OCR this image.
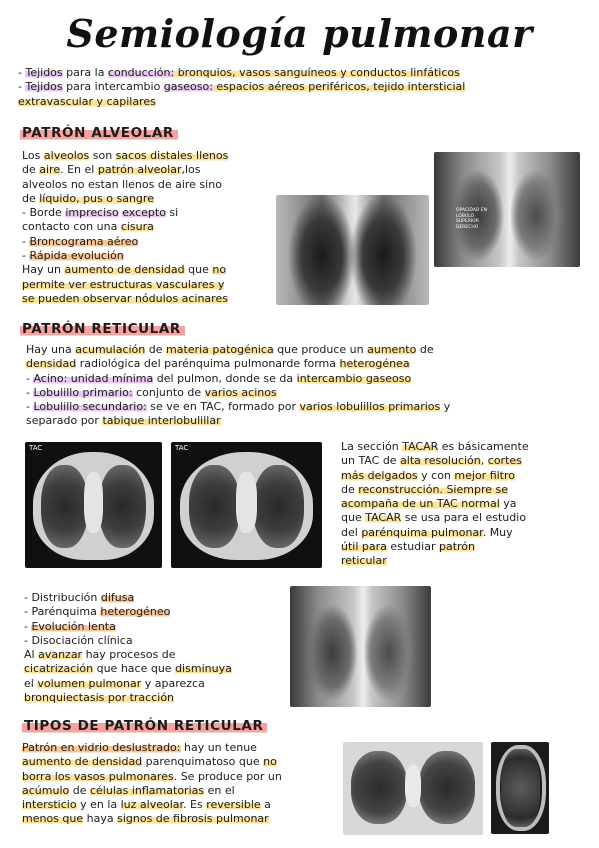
Semiología pulmonar
- Tejidos para la conducción: bronquios, vasos sanguíneos y conductos linfáticos
- Tejidos para intercambio gaseoso: espacios aéreos periféricos, tejido intersticial
extravascular y capilares
PATRÓN ALVEOLAR
Los alveolos son sacos distales llenos
de aire. En el patrón alveolar,los
alveolos no estan llenos de aire sino
de líquido, pus o sangre
- Borde impreciso excepto si
contacto con una cisura
- Broncograma aéreo
- Rápida evolución
Hay un aumento de densidad que no
permite ver estructuras vasculares y
se pueden observar nódulos acinares
OPACIDAD EN LÓBULO SUPERIOR DERECHO
PATRÓN RETICULAR
Hay una acumulación de materia patogénica que produce un aumento de
densidad radiológica del parénquima pulmonarde forma heterogénea
- Acino: unidad mínima del pulmon, donde se da intercambio gaseoso
- Lobulillo primario: conjunto de varios acinos
- Lobulillo secundario: se ve en TAC, formado por varios lobulillos primarios y
separado por tabique interlobulillar
TAC	TAC	La sección TACAR es básicamente
un TAC de alta resolución, cortes
más delgados y con mejor filtro
de reconstrucción. Siempre se
acompaña de un TAC normal ya
que TACAR se usa para el estudio
del parénquima pulmonar. Muy
útil para estudiar patrón
reticular
- Distribución difusa
- Parénquima heterogéneo
- Evolución lenta
- Disociación clínica
Al avanzar hay procesos de
cicatrización que hace que disminuya
el volumen pulmonar y aparezca
bronquiectasis por tracción
TIPOS DE PATRÓN RETICULAR
Patrón en vidrio deslustrado: hay un tenue
aumento de densidad parenquimatoso que no
borra los vasos pulmonares. Se produce por un
acúmulo de células inflamatorias en el
intersticio y en la luz alveolar. Es reversible a
menos que haya signos de fibrosis pulmonar
